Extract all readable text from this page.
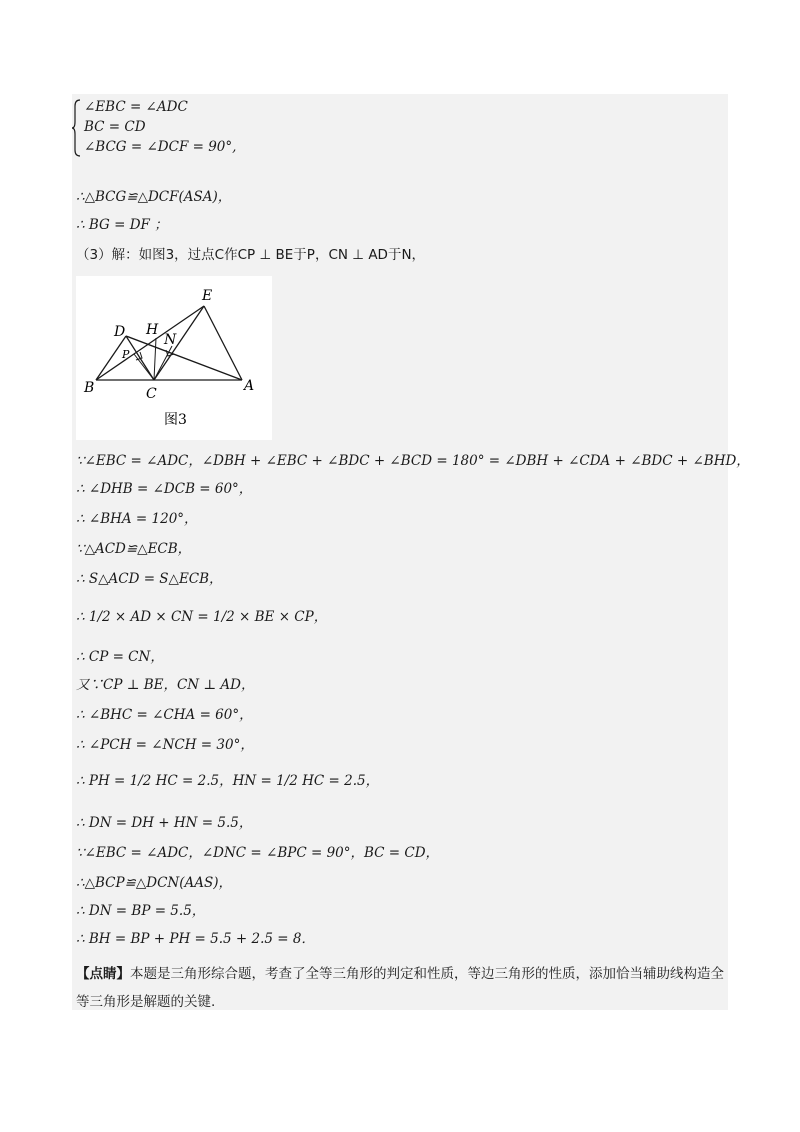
∠EBC = ∠ADC
BC = CD
∠BCG = ∠DCF = 90°,
∴△BCG≌△DCF(ASA)，
∴ BG = DF ；
（3）解：如图3，过点C作CP ⊥ BE于P，CN ⊥ AD于N，
E
D H
N
P
B	C	A
图3
∵∠EBC = ∠ADC，∠DBH + ∠EBC + ∠BDC + ∠BCD = 180° = ∠DBH + ∠CDA + ∠BDC + ∠BHD，
∴ ∠DHB = ∠DCB = 60°，
∴ ∠BHA = 120°，
∵△ACD≌△ECB，
∴ S△ACD = S△ECB，
∴ 1/2 × AD × CN = 1/2 × BE × CP，
∴ CP = CN，
又∵CP ⊥ BE，CN ⊥ AD，
∴ ∠BHC = ∠CHA = 60°，
∴ ∠PCH = ∠NCH = 30°，
∴ PH = 1/2 HC = 2.5，HN = 1/2 HC = 2.5，
∴ DN = DH + HN = 5.5，
∵∠EBC = ∠ADC，∠DNC = ∠BPC = 90°，BC = CD，
∴△BCP≌△DCN(AAS)，
∴ DN = BP = 5.5，
∴ BH = BP + PH = 5.5 + 2.5 = 8．
【点睛】本题是三角形综合题，考查了全等三角形的判定和性质，等边三角形的性质，添加恰当辅助线构造全等三角形是解题的关键.
